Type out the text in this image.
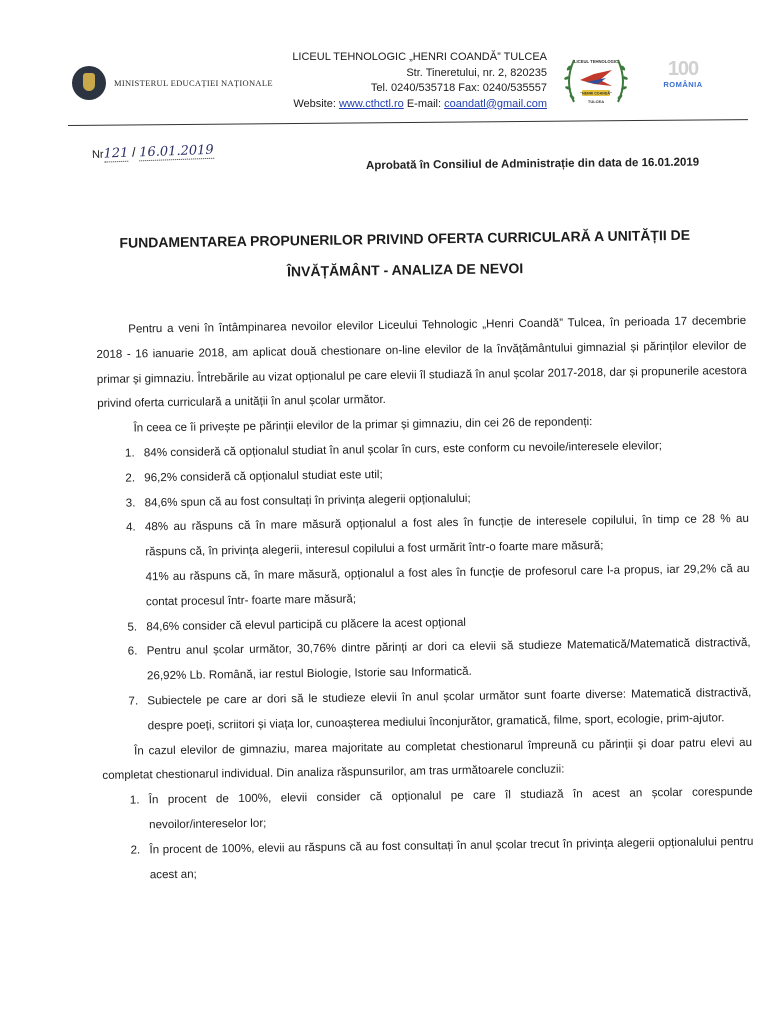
MINISTERUL EDUCAȚIEI NAȚIONALE
LICEUL TEHNOLOGIC „HENRI COANDĂ” TULCEA
Str. Tineretului, nr. 2, 820235
Tel. 0240/535718 Fax: 0240/535557
Website: www.cthctl.ro E-mail: coandatl@gmail.com
LICEUL TEHNOLOGIC
"HENRI COANDĂ"
TULCEA
100
ROMÂNIA
Nr121 / 16.01.2019
Aprobată în Consiliul de Administrație din data de 16.01.2019
FUNDAMENTAREA PROPUNERILOR PRIVIND OFERTA CURRICULARĂ A UNITĂȚII DE
ÎNVĂȚĂMÂNT - ANALIZA DE NEVOI

Pentru a veni în întâmpinarea nevoilor elevilor Liceului Tehnologic „Henri Coandă” Tulcea, în perioada 17 decembrie 2018 - 16 ianuarie 2018, am aplicat două chestionare on-line elevilor de la învățământului gimnazial și părinților elevilor de primar și gimnaziu. Întrebările au vizat opționalul pe care elevii îl studiază în anul școlar 2017-2018, dar și propunerile acestora privind oferta curriculară a unității în anul școlar următor.

În ceea ce îi privește pe părinții elevilor de la primar și gimnaziu, din cei 26 de repondenți:

1. 84% consideră că opționalul studiat în anul școlar în curs, este conform cu nevoile/interesele elevilor;
2. 96,2% consideră că opționalul studiat este util;
3. 84,6% spun că au fost consultați în privința alegerii opționalului;
4. 48% au răspuns că în mare măsură opționalul a fost ales în funcție de interesele copilului, în timp ce 28 % au răspuns că, în privința alegerii, interesul copilului a fost urmărit într-o foarte mare măsură;
41% au răspuns că, în mare măsură, opționalul a fost ales în funcție de profesorul care l-a propus, iar 29,2% că au contat procesul într- foarte mare măsură;
5. 84,6% consider că elevul participă cu plăcere la acest opțional
6. Pentru anul școlar următor, 30,76% dintre părinți ar dori ca elevii să studieze Matematică/Matematică distractivă, 26,92% Lb. Română, iar restul Biologie, Istorie sau Informatică.
7. Subiectele pe care ar dori să le studieze elevii în anul școlar următor sunt foarte diverse: Matematică distractivă, despre poeți, scriitori și viața lor, cunoașterea mediului înconjurător, gramatică, filme, sport, ecologie, prim-ajutor.

În cazul elevilor de gimnaziu, marea majoritate au completat chestionarul împreună cu părinții și doar patru elevi au completat chestionarul individual. Din analiza răspunsurilor, am tras următoarele concluzii:

1. În procent de 100%, elevii consider că opționalul pe care îl studiază în acest an școlar corespunde nevoilor/intereselor lor;
2. În procent de 100%, elevii au răspuns că au fost consultați în anul școlar trecut în privința alegerii opționalului pentru acest an;
